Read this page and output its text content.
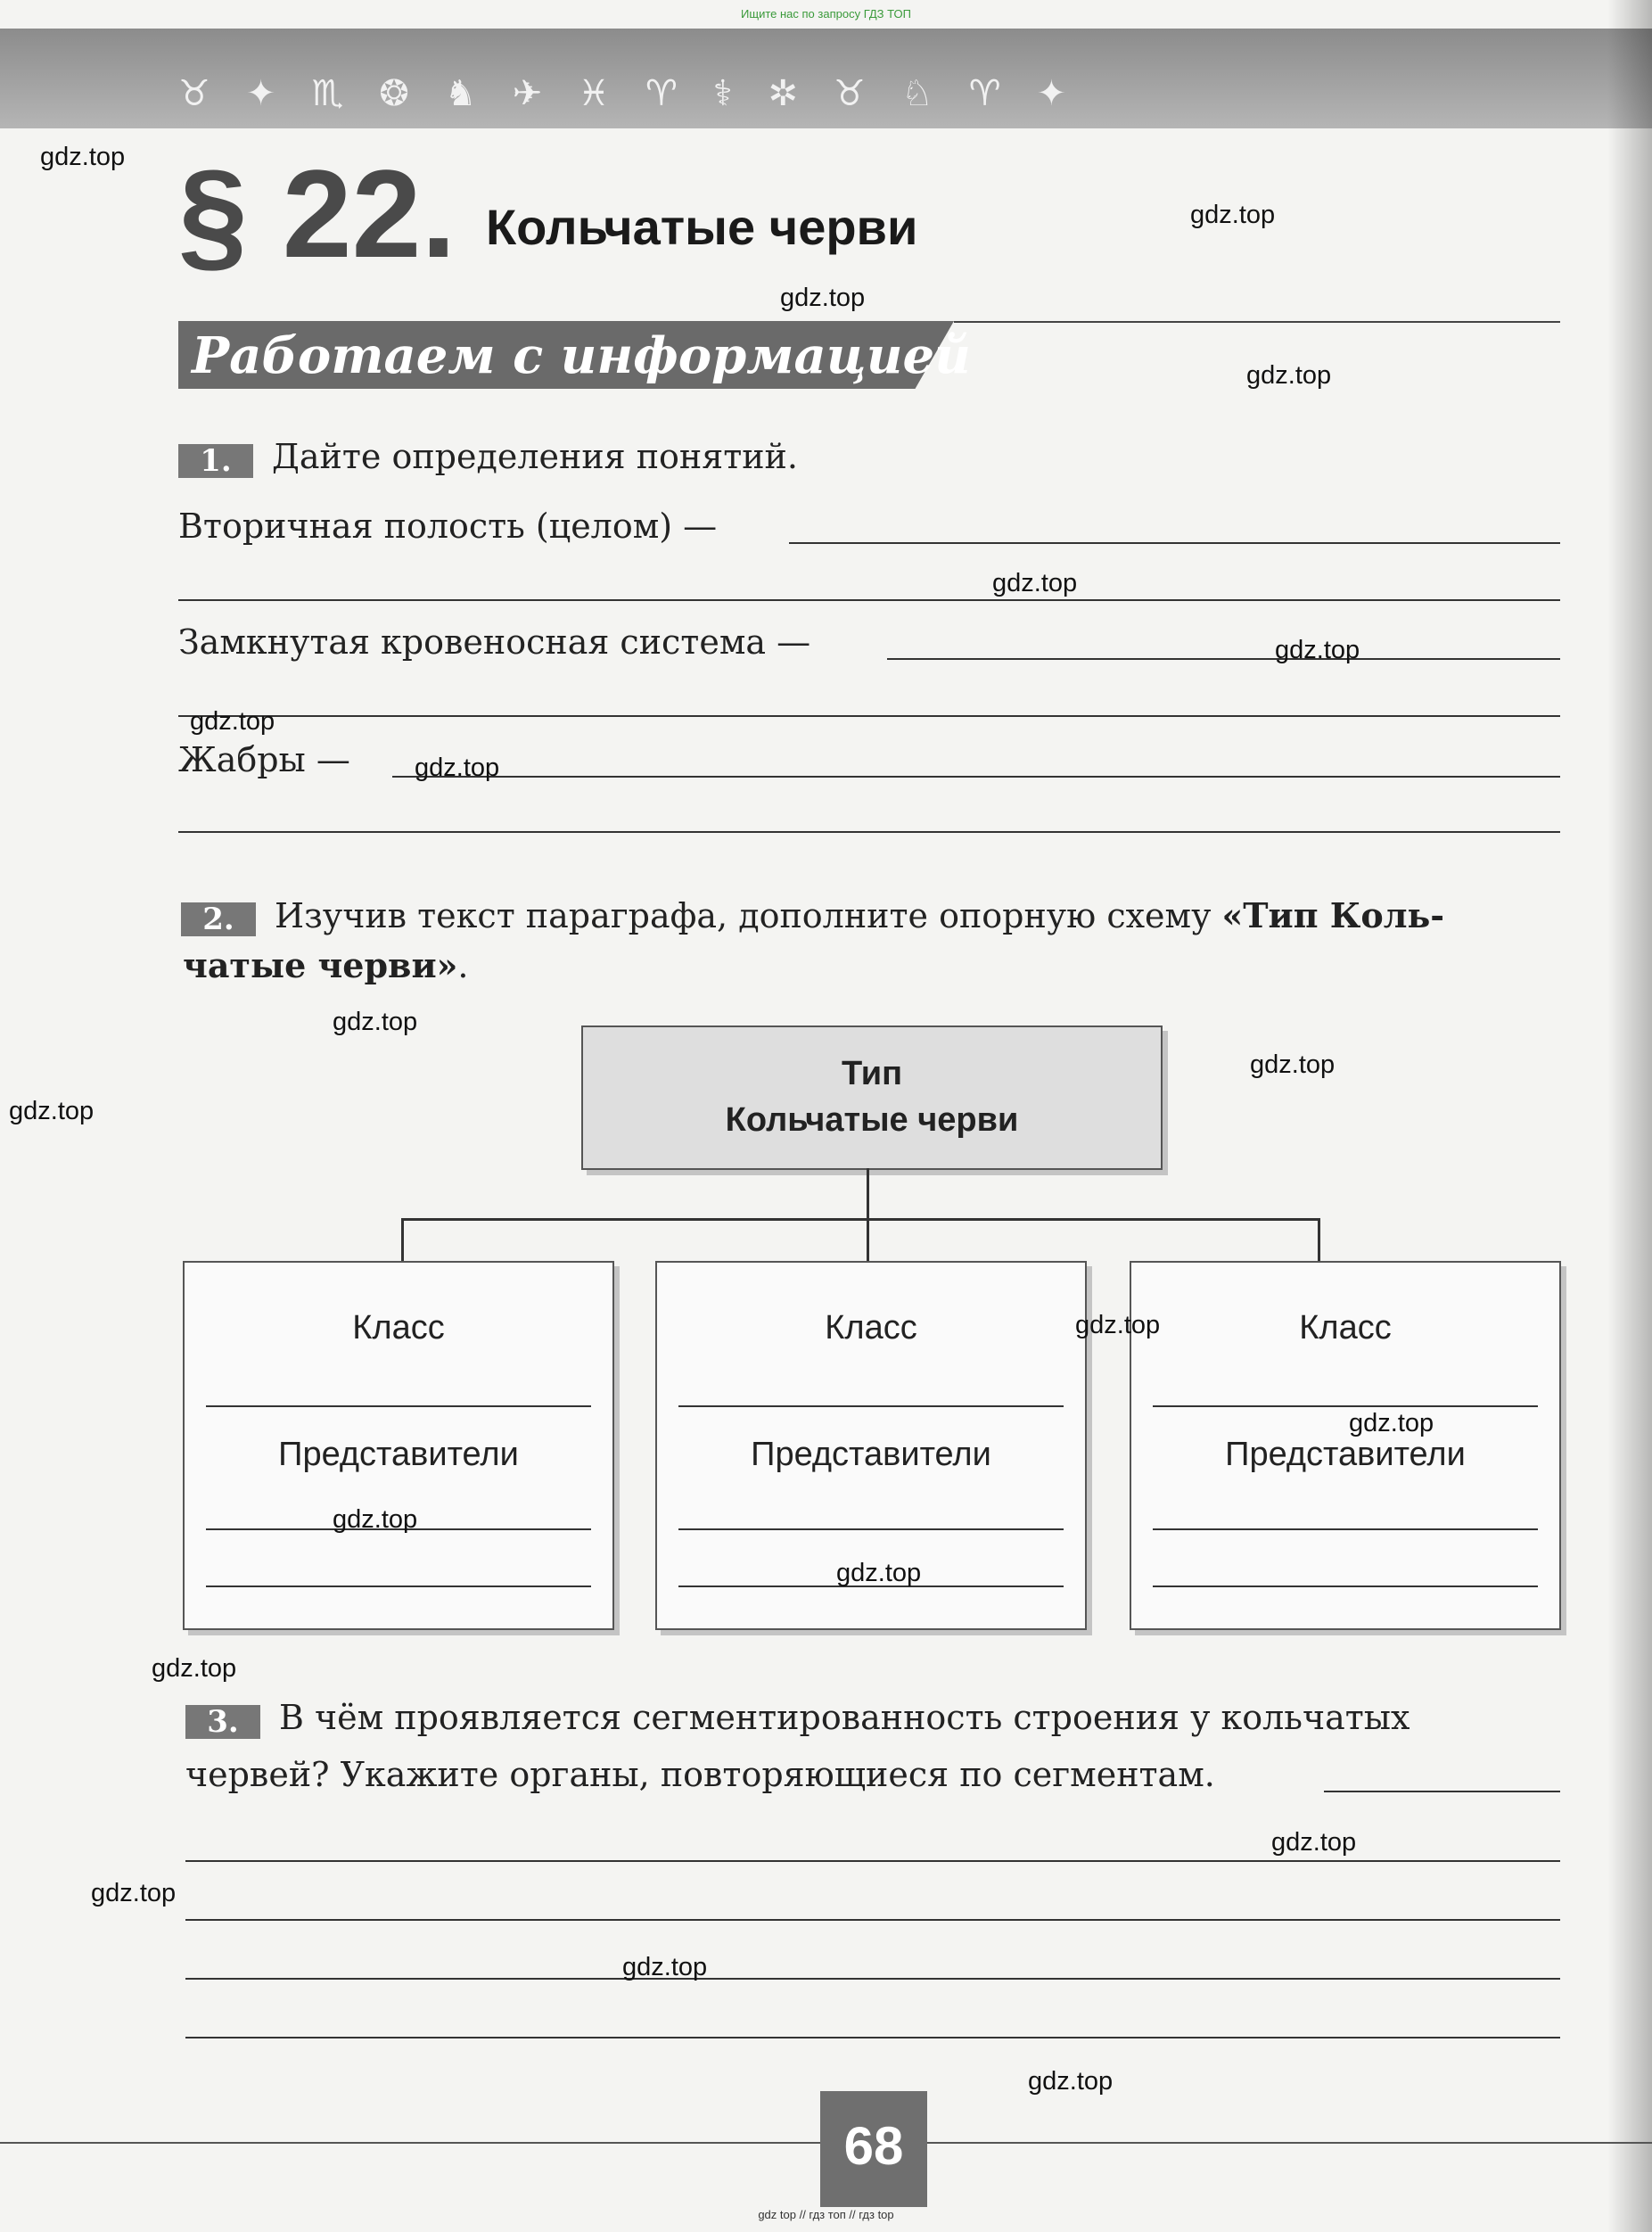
Ищите нас по запросу ГДЗ ТОП
♉ ✦ ♏ ❂ ♞ ✈ ♓ ♈ ⚕ ✲ ♉ ♘ ♈ ✦
§ 22. Кольчатые черви
Работаем с информацией
1.	Дайте определения понятий.
Вторичная полость (целом) —
Замкнутая кровеносная система —
Жабры —
2.	Изучив текст параграфа, дополните опорную схему «Тип Коль-
чатые черви».
Тип
Кольчатые черви
Класс
Представители
Класс
Представители
Класс
Представители
3.	В чём проявляется сегментированность строения у кольчатых
червей? Укажите органы, повторяющиеся по сегментам.
68
gdz top // гдз топ // гдз top
gdz.top
gdz.top
gdz.top
gdz.top
gdz.top
gdz.top
gdz.top
gdz.top
gdz.top
gdz.top
gdz.top
gdz.top
gdz.top
gdz.top
gdz.top
gdz.top
gdz.top
gdz.top
gdz.top
gdz.top
